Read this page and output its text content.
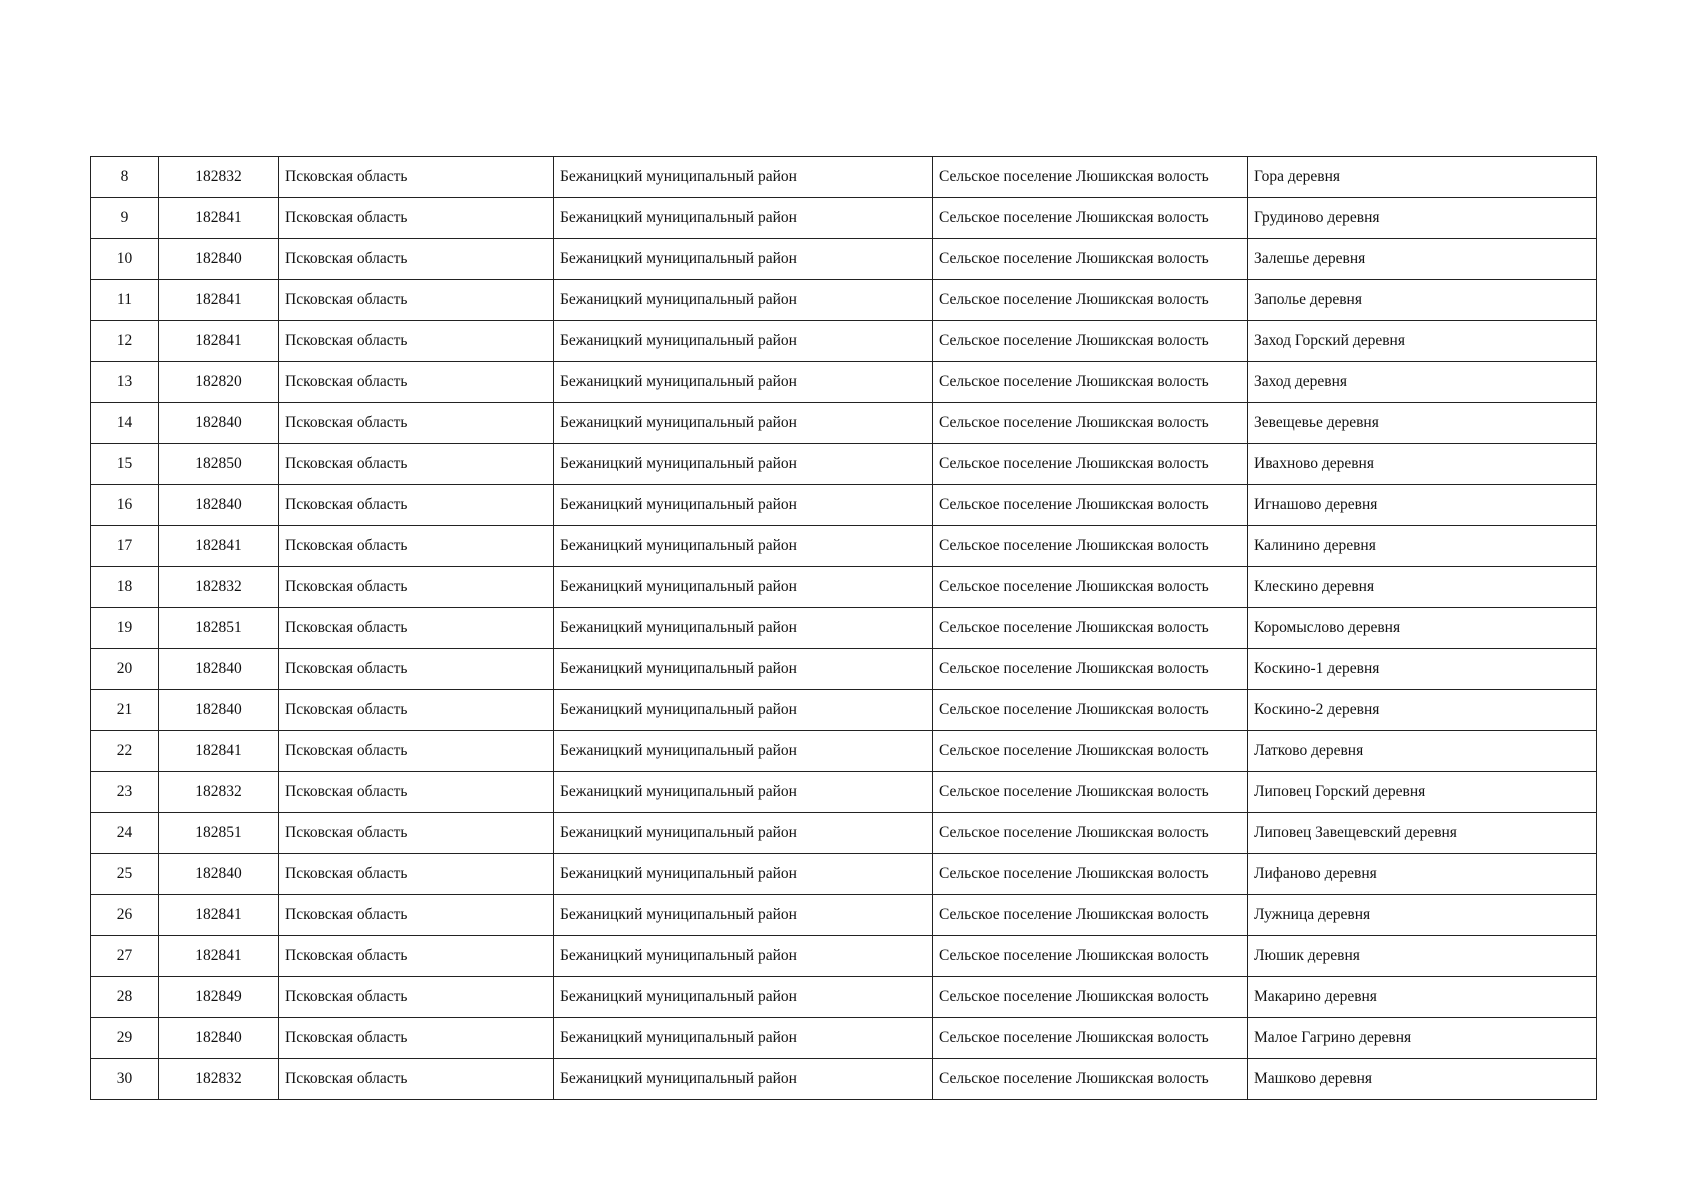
8	182832	Псковская область	Бежаницкий муниципальный район	Сельское поселение Люшикская волость	Гора деревня
9	182841	Псковская область	Бежаницкий муниципальный район	Сельское поселение Люшикская волость	Грудиново деревня
10	182840	Псковская область	Бежаницкий муниципальный район	Сельское поселение Люшикская волость	Залешье деревня
11	182841	Псковская область	Бежаницкий муниципальный район	Сельское поселение Люшикская волость	Заполье деревня
12	182841	Псковская область	Бежаницкий муниципальный район	Сельское поселение Люшикская волость	Заход Горский деревня
13	182820	Псковская область	Бежаницкий муниципальный район	Сельское поселение Люшикская волость	Заход деревня
14	182840	Псковская область	Бежаницкий муниципальный район	Сельское поселение Люшикская волость	Зевещевье деревня
15	182850	Псковская область	Бежаницкий муниципальный район	Сельское поселение Люшикская волость	Ивахново деревня
16	182840	Псковская область	Бежаницкий муниципальный район	Сельское поселение Люшикская волость	Игнашово деревня
17	182841	Псковская область	Бежаницкий муниципальный район	Сельское поселение Люшикская волость	Калинино деревня
18	182832	Псковская область	Бежаницкий муниципальный район	Сельское поселение Люшикская волость	Клескино деревня
19	182851	Псковская область	Бежаницкий муниципальный район	Сельское поселение Люшикская волость	Коромыслово деревня
20	182840	Псковская область	Бежаницкий муниципальный район	Сельское поселение Люшикская волость	Коскино-1 деревня
21	182840	Псковская область	Бежаницкий муниципальный район	Сельское поселение Люшикская волость	Коскино-2 деревня
22	182841	Псковская область	Бежаницкий муниципальный район	Сельское поселение Люшикская волость	Латково деревня
23	182832	Псковская область	Бежаницкий муниципальный район	Сельское поселение Люшикская волость	Липовец Горский деревня
24	182851	Псковская область	Бежаницкий муниципальный район	Сельское поселение Люшикская волость	Липовец Завещевский деревня
25	182840	Псковская область	Бежаницкий муниципальный район	Сельское поселение Люшикская волость	Лифаново деревня
26	182841	Псковская область	Бежаницкий муниципальный район	Сельское поселение Люшикская волость	Лужница деревня
27	182841	Псковская область	Бежаницкий муниципальный район	Сельское поселение Люшикская волость	Люшик деревня
28	182849	Псковская область	Бежаницкий муниципальный район	Сельское поселение Люшикская волость	Макарино деревня
29	182840	Псковская область	Бежаницкий муниципальный район	Сельское поселение Люшикская волость	Малое Гагрино деревня
30	182832	Псковская область	Бежаницкий муниципальный район	Сельское поселение Люшикская волость	Машково деревня
